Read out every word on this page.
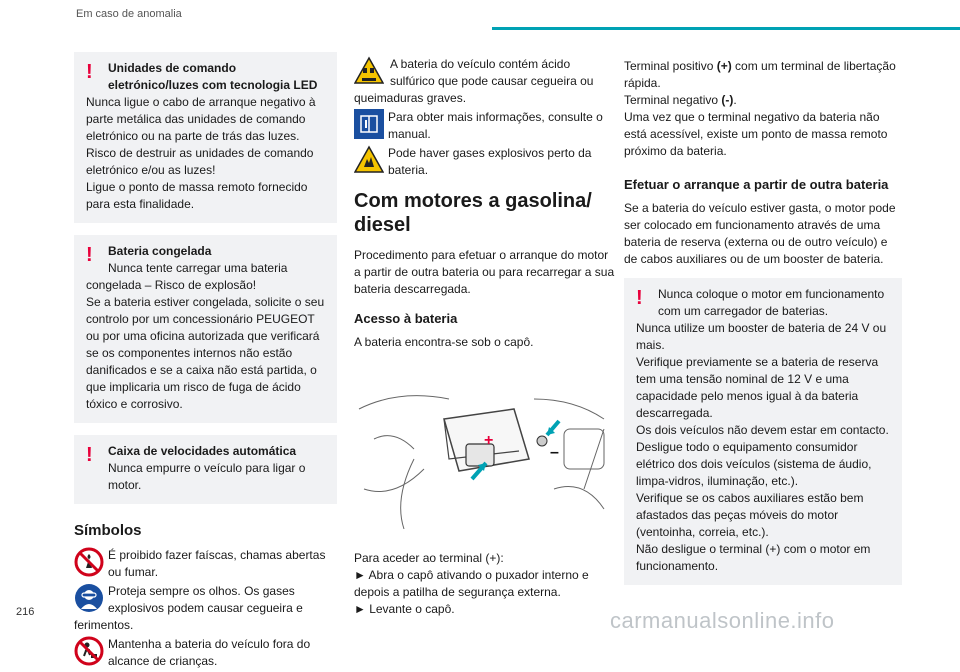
Em caso de anomalia
!	Unidades de comando eletrónico/luzes com tecnologia LED

Nunca ligue o cabo de arranque negativo à parte metálica das unidades de comando eletrónico ou na parte de trás das luzes.

Risco de destruir as unidades de comando eletrónico e/ou as luzes!

Ligue o ponto de massa remoto fornecido para esta finalidade.

!	Bateria congelada
Nunca tente carregar uma bateria

congelada – Risco de explosão!

Se a bateria estiver congelada, solicite o seu controlo por um concessionário PEUGEOT ou por uma oficina autorizada que verificará se os componentes internos não estão danificados e se a caixa não está partida, o que implicaria um risco de fuga de ácido tóxico e corrosivo.

!	Caixa de velocidades automática
Nunca empurre o veículo para ligar o motor.
Símbolos
É proibido fazer faíscas, chamas abertas ou fumar.
Proteja sempre os olhos. Os gases explosivos podem causar cegueira e ferimentos.
Mantenha a bateria do veículo fora do alcance de crianças.
A bateria do veículo contém ácido sulfúrico que pode causar cegueira ou queimaduras graves.
Para obter mais informações, consulte o manual.
Pode haver gases explosivos perto da bateria.
Com motores a gasolina/ diesel

Procedimento para efetuar o arranque do motor a partir de outra bateria ou para recarregar a sua bateria descarregada.

Acesso à bateria

A bateria encontra-se sob o capô.

+
–

Para aceder ao terminal (+):

► Abra o capô ativando o puxador interno e depois a patilha de segurança externa.

► Levante o capô.

Terminal positivo (+) com um terminal de libertação rápida.

Terminal negativo (-).

Uma vez que o terminal negativo da bateria não está acessível, existe um ponto de massa remoto próximo da bateria.

Efetuar o arranque a partir de outra bateria

Se a bateria do veículo estiver gasta, o motor pode ser colocado em funcionamento através de uma bateria de reserva (externa ou de outro veículo) e de cabos auxiliares ou de um booster de bateria.

!	Nunca coloque o motor em funcionamento com um carregador de baterias.

Nunca utilize um booster de bateria de 24 V ou mais.

Verifique previamente se a bateria de reserva tem uma tensão nominal de 12 V e uma capacidade pelo menos igual à da bateria descarregada.

Os dois veículos não devem estar em contacto.

Desligue todo o equipamento consumidor elétrico dos dois veículos (sistema de áudio, limpa-vidros, iluminação, etc.).

Verifique se os cabos auxiliares estão bem afastados das peças móveis do motor (ventoinha, correia, etc.).

Não desligue o terminal (+) com o motor em funcionamento.

216	carmanualsonline.info
